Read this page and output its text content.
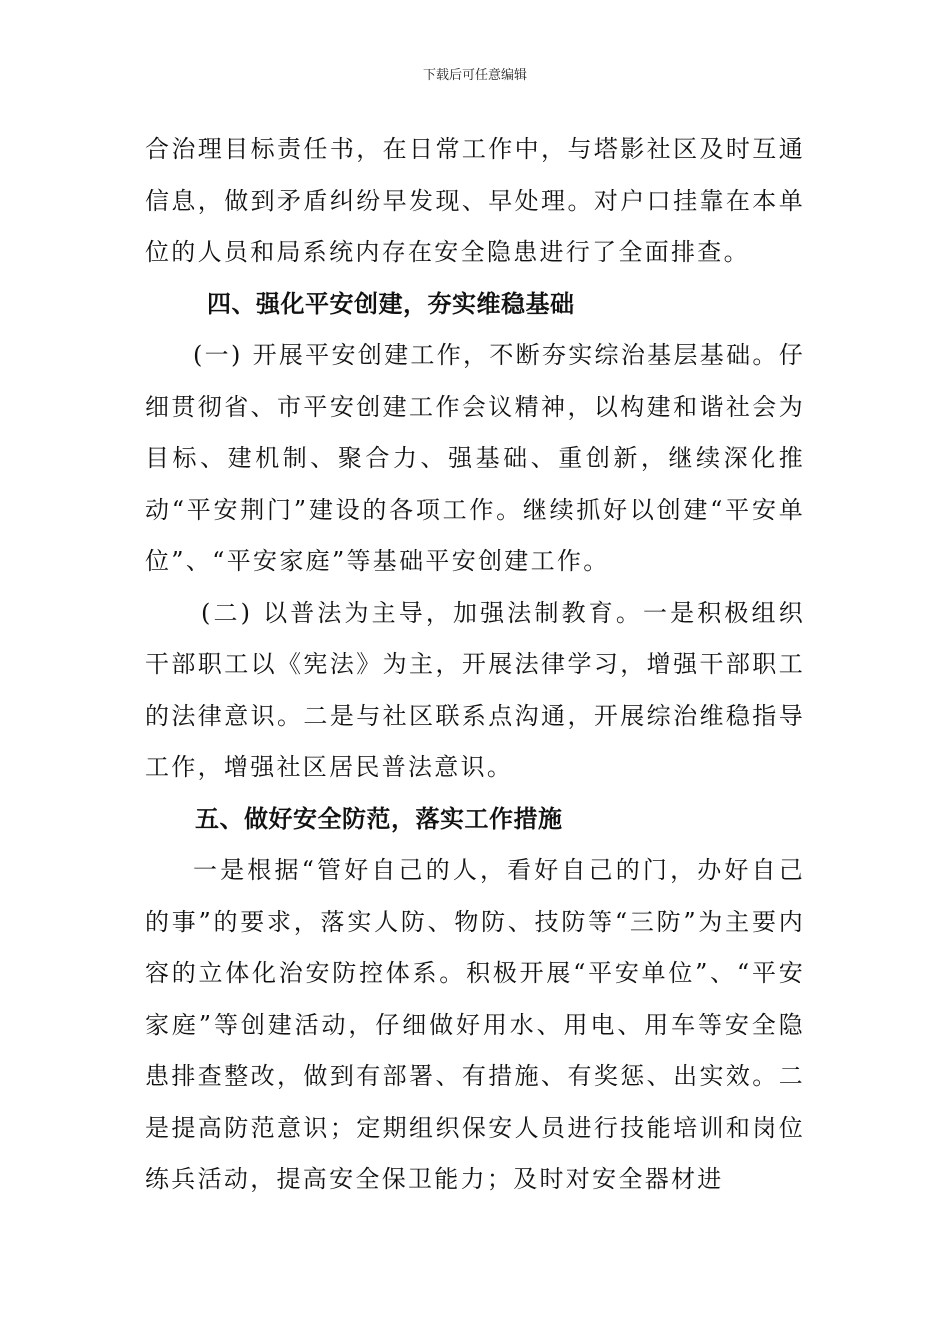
下载后可任意编辑

合治理目标责任书，在日常工作中，与塔影社区及时互通信息，做到矛盾纠纷早发现、早处理。对户口挂靠在本单位的人员和局系统内存在安全隐患进行了全面排查。

四、强化平安创建，夯实维稳基础

(一) 开展平安创建工作，不断夯实综治基层基础。仔细贯彻省、市平安创建工作会议精神，以构建和谐社会为目标、建机制、聚合力、强基础、重创新，继续深化推动“平安荆门”建设的各项工作。继续抓好以创建“平安单位”、“平安家庭”等基础平安创建工作。

(二) 以普法为主导，加强法制教育。一是积极组织干部职工以《宪法》为主，开展法律学习，增强干部职工的法律意识。二是与社区联系点沟通，开展综治维稳指导工作，增强社区居民普法意识。

五、做好安全防范，落实工作措施

一是根据“管好自己的人，看好自己的门，办好自己的事”的要求，落实人防、物防、技防等“三防”为主要内容的立体化治安防控体系。积极开展“平安单位”、“平安家庭”等创建活动，仔细做好用水、用电、用车等安全隐患排查整改，做到有部署、有措施、有奖惩、出实效。二是提高防范意识；定期组织保安人员进行技能培训和岗位练兵活动，提高安全保卫能力；及时对安全器材进
